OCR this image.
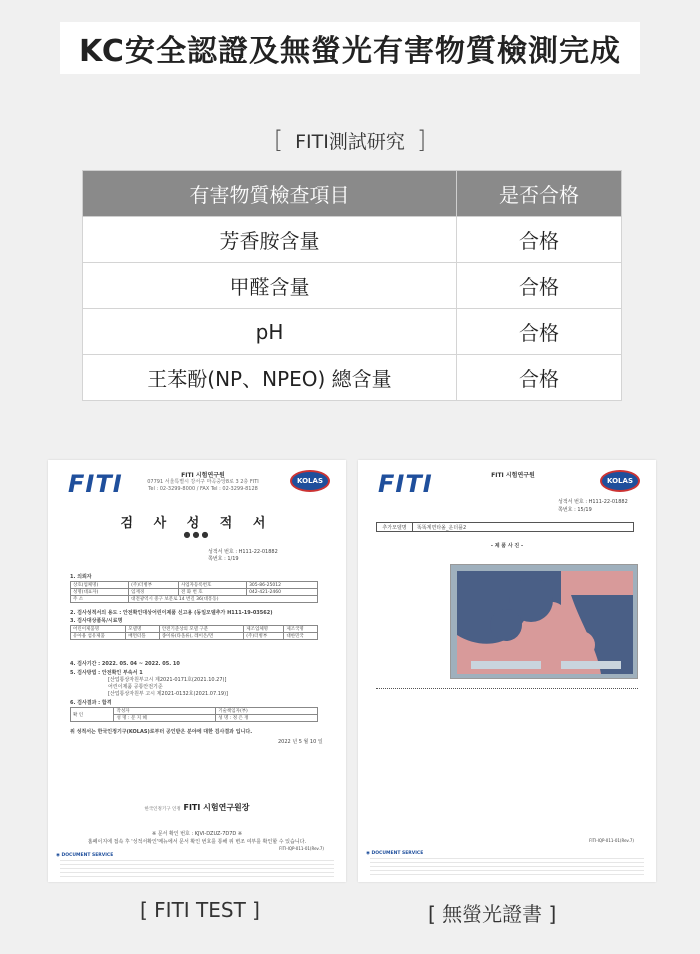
KC安全認證及無螢光有害物質檢測完成
[ FITI測試研究 ]
有害物質檢查項目	是否合格
芳香胺含量	合格
甲醛含量	合格
pH	合格
王苯酚(NP、NPEO) 總含量	合格
FITI	FITI 시험연구원
07791 서울특별시 강서구 마곡중앙8로 3 2층 FITI
Tel : 02-3299-8000 / FAX Tel : 02-3299-8128
KOLAS
검 사 성 적 서
●●●
성적서 번호 : H111-22-01882
쪽번호 : 1/19
1. 의뢰자
상호(업체명)	(주)더병부	사업자등록번호	305-86-25012
성명(대표자)	임재경	전 화 번 호	042-421-2460
주 소	대전광역시 중구 보문로 14 번길 36(대흥동)		
2. 검사성적서의 용도 : 안전확인대상어린이제품 신고용 (동일모델추가 H111-19-03562)
3. 검사대상품목/시료명
어린이제품명	모델명	안전기준상의 모델 구분	제조업체명	제조국명
유아용 섬유제품	배면터플	종이류(타올류), 레이온/면	(주)더병부	대한민국
4. 검사기간 : 2022. 05. 04 ~ 2022. 05. 10
5. 검사방법 : 안전확인 부속서 1
[산업통상자원부고시 제2021-0171호(2021.10.27)]
어린이제품 공통안전기준
[산업통상자원부 고시 제2021-0132호(2021.07.19)]
6. 검사결과 : 합격
확 인	작성자	기술책임자(부)
	성 명 : 문 지 혜	성 명 : 정 은 정
위 성적서는 한국인정기구(KOLAS)로부터 공인받은 분야에 대한 검사결과 입니다.
2022 년 5 월 10 일
한국인정기구 인정 FITI 시험연구원장
※ 문서 확인 번호 : KJVI-DZUZ-7D7D ※
홈페이지에 접속 후 '성적서확인'메뉴에서 문서 확인 번호를 통해 위 변조 여부를 확인할 수 있습니다.
FITI-IQP-011-01(Rev.7)
◉ DOCUMENT SERVICE
FITI	FITI 시험연구원
KOLAS
성적서 번호 : H111-22-01882
쪽번호 : 15/19
추가모델명	똑똑계면타올_운더플2
- 제 품 사 진 -
FITI-IQP-011-01(Rev.7)
◉ DOCUMENT SERVICE
[ FITI TEST ]	[ 無螢光證書 ]
